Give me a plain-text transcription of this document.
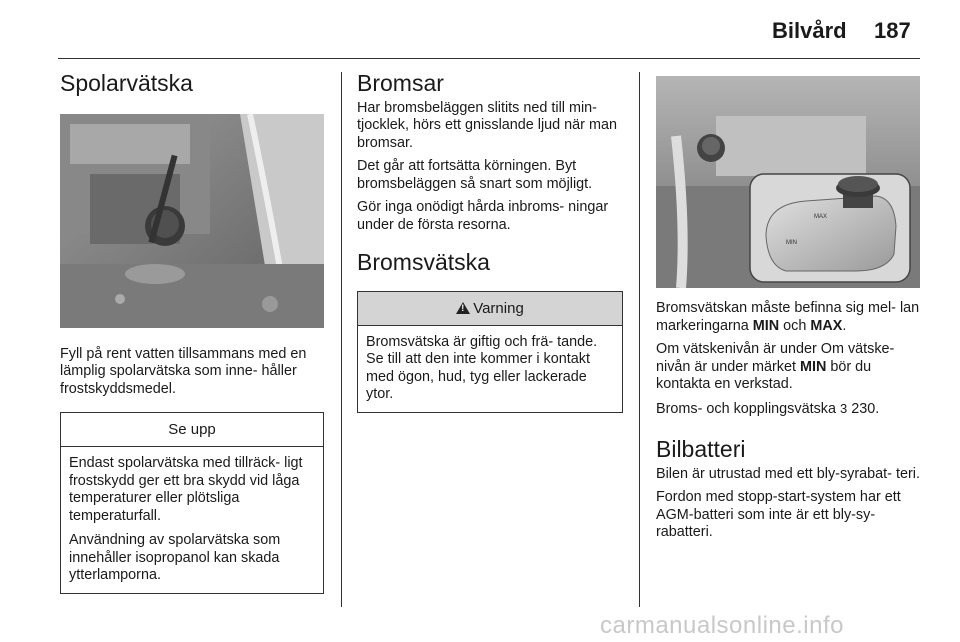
Bilvård 187
Spolarvätska

Fyll på rent vatten tillsammans med en lämplig spolarvätska som inne- håller frostskyddsmedel.

Se upp

Endast spolarvätska med tillräck- ligt frostskydd ger ett bra skydd vid låga temperaturer eller plötsliga temperaturfall.

Användning av spolarvätska som innehåller isopropanol kan skada ytterlamporna.

Bromsar

Har bromsbeläggen slitits ned till min- tjocklek, hörs ett gnisslande ljud när man bromsar.

Det går att fortsätta körningen. Byt bromsbeläggen så snart som möjligt.

Gör inga onödigt hårda inbroms- ningar under de första resorna.

Bromsvätska
!Varning

Bromsvätska är giftig och frä- tande. Se till att den inte kommer i kontakt med ögon, hud, tyg eller lackerade ytor.

MAX
MIN

Bromsvätskan måste befinna sig mel- lan markeringarna MIN och MAX.

Om vätskenivån är under Om vätske- nivån är under märket MIN bör du kontakta en verkstad.

Broms- och kopplingsvätska 3 230.

Bilbatteri

Bilen är utrustad med ett bly-syrabat- teri.

Fordon med stopp-start-system har ett AGM-batteri som inte är ett bly-sy- rabatteri.

carmanualsonline.info
